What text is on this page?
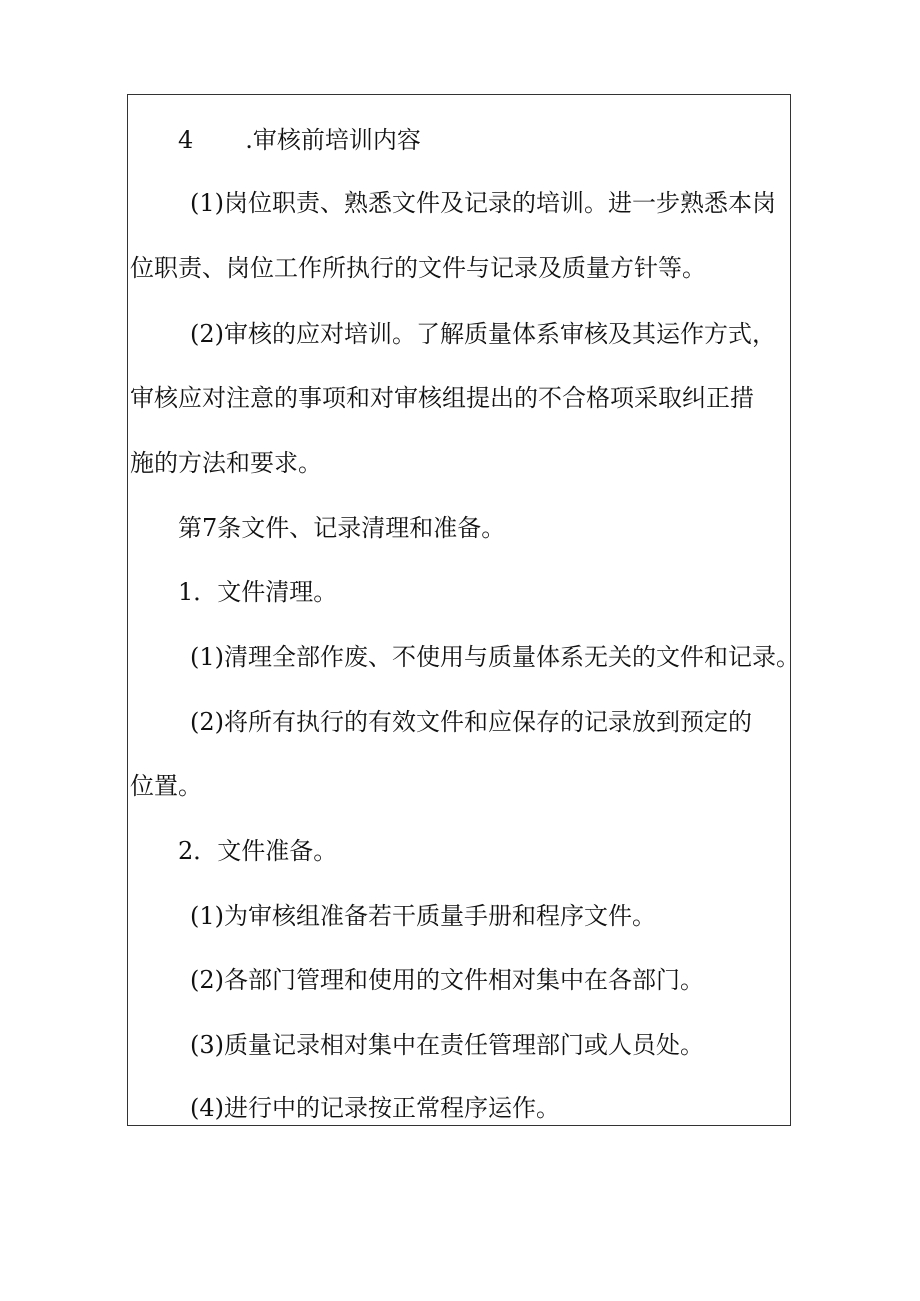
4 .审核前培训内容
(1)岗位职责、熟悉文件及记录的培训。进一步熟悉本岗
位职责、岗位工作所执行的文件与记录及质量方针等。
(2)审核的应对培训。了解质量体系审核及其运作方式，
审核应对注意的事项和对审核组提出的不合格项采取纠正措
施的方法和要求。
第7条文件、记录清理和准备。
1．文件清理。
(1)清理全部作废、不使用与质量体系无关的文件和记录。
(2)将所有执行的有效文件和应保存的记录放到预定的
位置。
2．文件准备。
(1)为审核组准备若干质量手册和程序文件。
(2)各部门管理和使用的文件相对集中在各部门。
(3)质量记录相对集中在责任管理部门或人员处。
(4)进行中的记录按正常程序运作。
